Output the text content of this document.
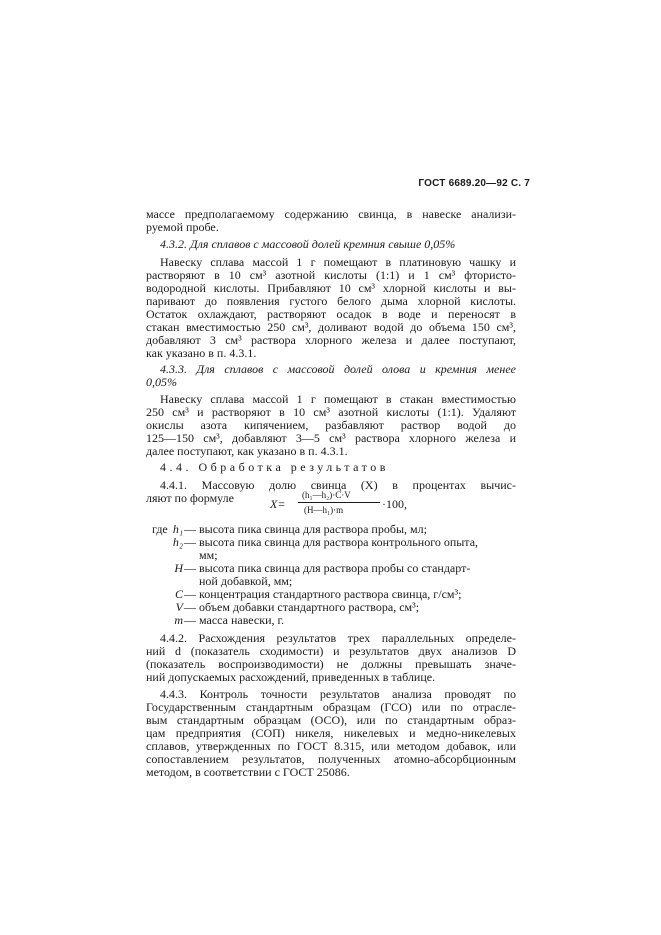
ГОСТ 6689.20—92 С. 7
массе предполагаемому содержанию свинца, в навеске анализи-
руемой пробе.
4.3.2. Для сплавов с массовой долей кремния свыше 0,05%
Навеску сплава массой 1 г помещают в платиновую чашку и
растворяют в 10 см³ азотной кислоты (1:1) и 1 см³ фтористо-
водородной кислоты. Прибавляют 10 см³ хлорной кислоты и вы-
паривают до появления густого белого дыма хлорной кислоты.
Остаток охлаждают, растворяют осадок в воде и переносят в
стакан вместимостью 250 см³, доливают водой до объема 150 см³,
добавляют 3 см³ раствора хлорного железа и далее поступают,
как указано в п. 4.3.1.
4.3.3. Для сплавов с массовой долей олова и кремния менее
0,05%
Навеску сплава массой 1 г помещают в стакан вместимостью
250 см³ и растворяют в 10 см³ азотной кислоты (1:1). Удаляют
окислы азота кипячением, разбавляют раствор водой до
125—150 см³, добавляют 3—5 см³ раствора хлорного железа и
далее поступают, как указано в п. 4.3.1.
4.4. Обработка результатов
4.4.1. Массовую долю свинца (X) в процентах вычис-
ляют по формуле	X=
(h₁—h₂)·C·V
(H—h₁)·m	·100,
где h₁ — высота пика свинца для раствора пробы, мл;
h₂ — высота пика свинца для раствора контрольного опыта,
мм;
H — высота пика свинца для раствора пробы со стандарт-
ной добавкой, мм;
C — концентрация стандартного раствора свинца, г/см³;
V — объем добавки стандартного раствора, см³;
m — масса навески, г.
4.4.2. Расхождения результатов трех параллельных определе-
ний d (показатель сходимости) и результатов двух анализов D
(показатель воспроизводимости) не должны превышать значе-
ний допускаемых расхождений, приведенных в таблице.
4.4.3. Контроль точности результатов анализа проводят по
Государственным стандартным образцам (ГСО) или по отрасле-
вым стандартным образцам (ОСО), или по стандартным образ-
цам предприятия (СОП) никеля, никелевых и медно-никелевых
сплавов, утвержденных по ГОСТ 8.315, или методом добавок, или
сопоставлением результатов, полученных атомно-абсорбционным
методом, в соответствии с ГОСТ 25086.
